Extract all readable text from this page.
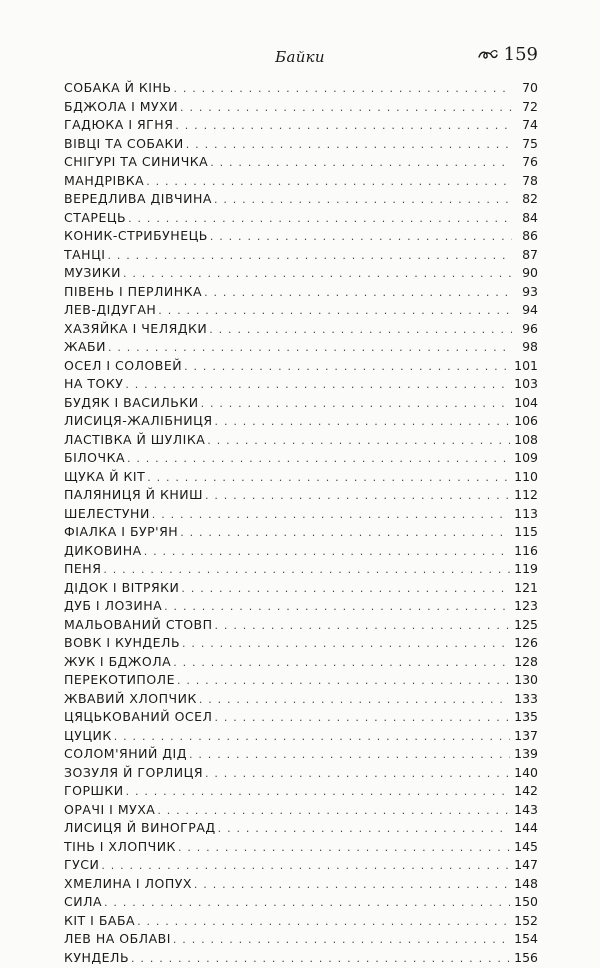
Байки	159
СОБАКА Й КІНЬ . . .	70
БДЖОЛА І МУХИ . . .	72
ГАДЮКА І ЯГНЯ . . .	74
ВІВЦІ ТА СОБАКИ . . .	75
СНІГУРІ ТА СИНИЧКА . . .	76
МАНДРІВКА . . .	78
ВЕРЕДЛИВА ДІВЧИНА . . .	82
СТАРЕЦЬ . . .	84
КОНИК-СТРИБУНЕЦЬ . . .	86
ТАНЦІ . . .	87
МУЗИКИ . . .	90
ПІВЕНЬ І ПЕРЛИНКА . . .	93
ЛЕВ-ДІДУГАН . . .	94
ХАЗЯЙКА І ЧЕЛЯДКИ . . .	96
ЖАБИ . . .	98
ОСЕЛ І СОЛОВЕЙ . . .	101
НА ТОКУ . . .	103
БУДЯК І ВАСИЛЬКИ . . .	104
ЛИСИЦЯ-ЖАЛІБНИЦЯ . . .	106
ЛАСТІВКА Й ШУЛІКА . . .	108
БІЛОЧКА . . .	109
ЩУКА Й КІТ . . .	110
ПАЛЯНИЦЯ Й КНИШ . . .	112
ШЕЛЕСТУНИ . . .	113
ФІАЛКА І БУР'ЯН . . .	115
ДИКОВИНА . . .	116
ПЕНЯ . . .	119
ДІДОК І ВІТРЯКИ . . .	121
ДУБ І ЛОЗИНА . . .	123
МАЛЬОВАНИЙ СТОВП . . .	125
ВОВК І КУНДЕЛЬ . . .	126
ЖУК І БДЖОЛА . . .	128
ПЕРЕКОТИПОЛЕ . . .	130
ЖВАВИЙ ХЛОПЧИК . . .	133
ЦЯЦЬКОВАНИЙ ОСЕЛ . . .	135
ЦУЦИК . . .	137
СОЛОМ'ЯНИЙ ДІД . . .	139
ЗОЗУЛЯ Й ГОРЛИЦЯ . . .	140
ГОРШКИ . . .	142
ОРАЧІ І МУХА . . .	143
ЛИСИЦЯ Й ВИНОГРАД . . .	144
ТІНЬ І ХЛОПЧИК . . .	145
ГУСИ . . .	147
ХМЕЛИНА І ЛОПУХ . . .	148
СИЛА . . .	150
КІТ І БАБА . . .	152
ЛЕВ НА ОБЛАВІ . . .	154
КУНДЕЛЬ . . .	156
